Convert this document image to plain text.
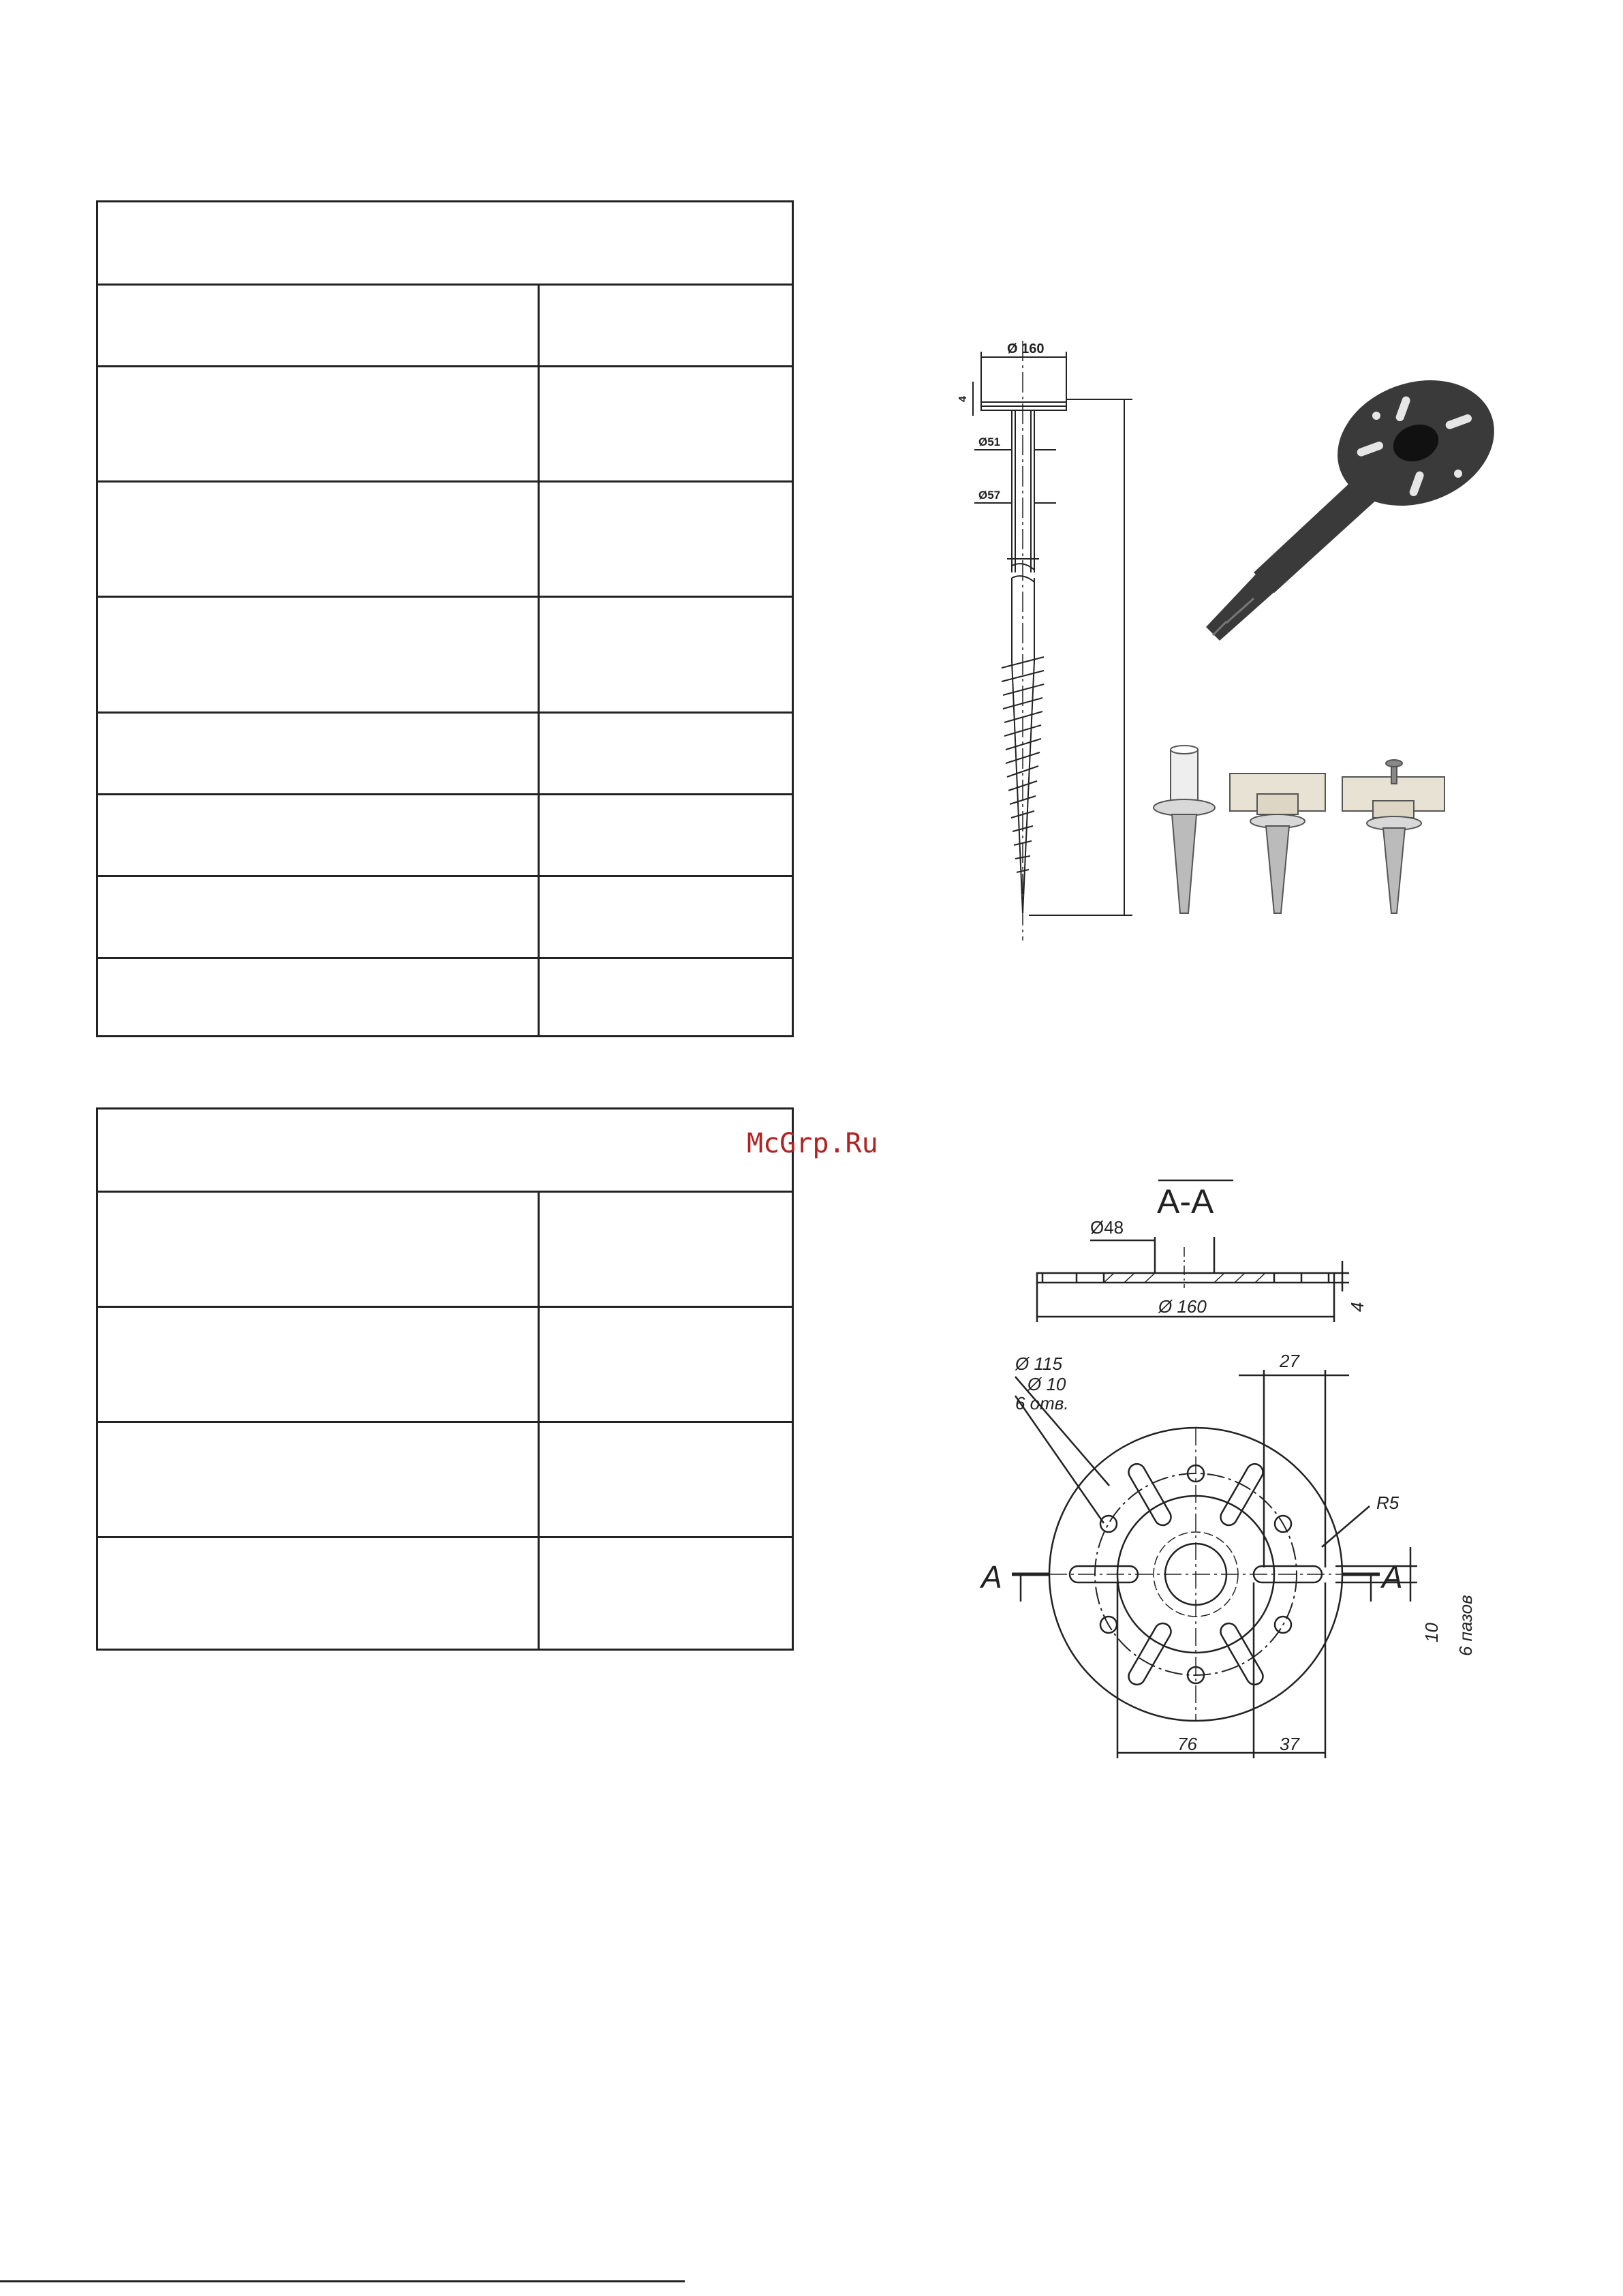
McGrp.Ru
Ø 160
4
Ø51
Ø57
А-А
Ø48
Ø 160	4
Ø 115
Ø 10
6 отв.
27
R5
А	А
10 6 пазов
76	37
